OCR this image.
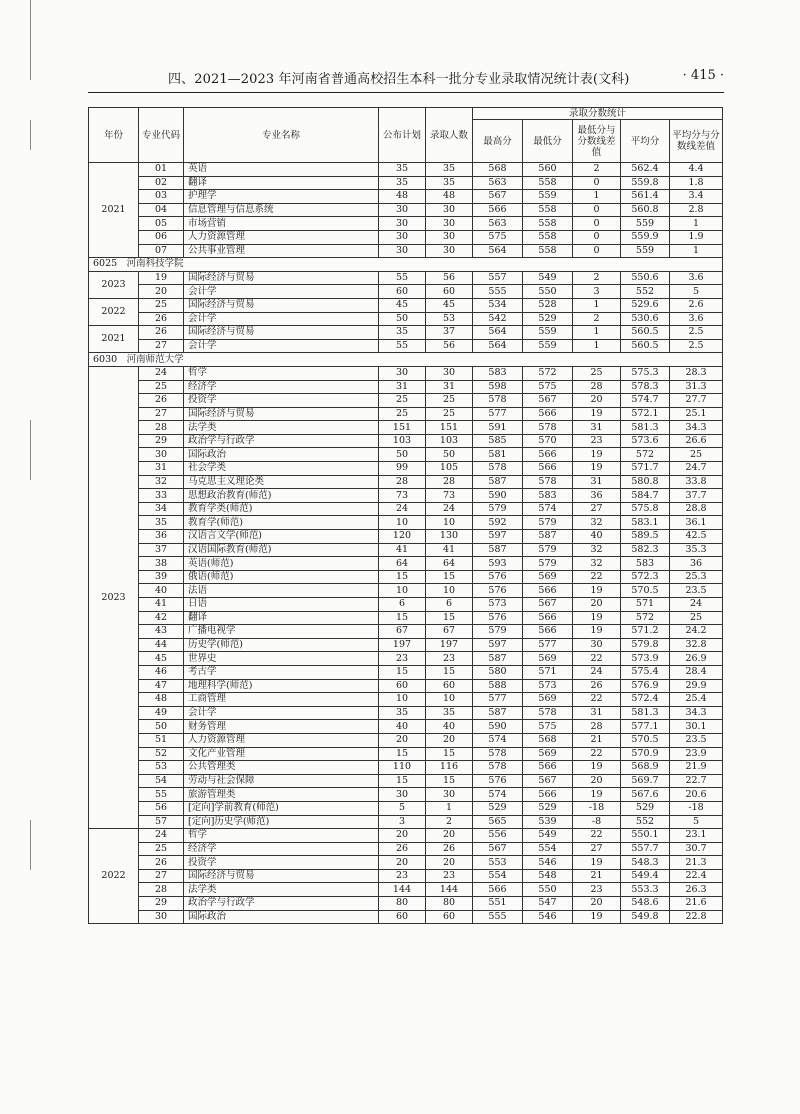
四、2021—2023 年河南省普通高校招生本科一批分专业录取情况统计表(文科)	· 415 ·
年份	专业代码	专业名称	公布计划	录取人数	录取分数统计				
					最高分	最低分	最低分与分数线差值	平均分	平均分与分数线差值
2021	01	英语	35	35	568	560	2	562.4	4.4
	02	翻译	35	35	563	558	0	559.8	1.8
	03	护理学	48	48	567	559	1	561.4	3.4
	04	信息管理与信息系统	30	30	566	558	0	560.8	2.8
	05	市场营销	30	30	563	558	0	559	1
	06	人力资源管理	30	30	575	558	0	559.9	1.9
	07	公共事业管理	30	30	564	558	0	559	1
6025　河南科技学院									
2023	19	国际经济与贸易	55	56	557	549	2	550.6	3.6
	20	会计学	60	60	555	550	3	552	5
2022	25	国际经济与贸易	45	45	534	528	1	529.6	2.6
	26	会计学	50	53	542	529	2	530.6	3.6
2021	26	国际经济与贸易	35	37	564	559	1	560.5	2.5
	27	会计学	55	56	564	559	1	560.5	2.5
6030　河南师范大学									
2023	24	哲学	30	30	583	572	25	575.3	28.3
	25	经济学	31	31	598	575	28	578.3	31.3
	26	投资学	25	25	578	567	20	574.7	27.7
	27	国际经济与贸易	25	25	577	566	19	572.1	25.1
	28	法学类	151	151	591	578	31	581.3	34.3
	29	政治学与行政学	103	103	585	570	23	573.6	26.6
	30	国际政治	50	50	581	566	19	572	25
	31	社会学类	99	105	578	566	19	571.7	24.7
	32	马克思主义理论类	28	28	587	578	31	580.8	33.8
	33	思想政治教育(师范)	73	73	590	583	36	584.7	37.7
	34	教育学类(师范)	24	24	579	574	27	575.8	28.8
	35	教育学(师范)	10	10	592	579	32	583.1	36.1
	36	汉语言文学(师范)	120	130	597	587	40	589.5	42.5
	37	汉语国际教育(师范)	41	41	587	579	32	582.3	35.3
	38	英语(师范)	64	64	593	579	32	583	36
	39	俄语(师范)	15	15	576	569	22	572.3	25.3
	40	法语	10	10	576	566	19	570.5	23.5
	41	日语	6	6	573	567	20	571	24
	42	翻译	15	15	576	566	19	572	25
	43	广播电视学	67	67	579	566	19	571.2	24.2
	44	历史学(师范)	197	197	597	577	30	579.8	32.8
	45	世界史	23	23	587	569	22	573.9	26.9
	46	考古学	15	15	580	571	24	575.4	28.4
	47	地理科学(师范)	60	60	588	573	26	576.9	29.9
	48	工商管理	10	10	577	569	22	572.4	25.4
	49	会计学	35	35	587	578	31	581.3	34.3
	50	财务管理	40	40	590	575	28	577.1	30.1
	51	人力资源管理	20	20	574	568	21	570.5	23.5
	52	文化产业管理	15	15	578	569	22	570.9	23.9
	53	公共管理类	110	116	578	566	19	568.9	21.9
	54	劳动与社会保障	15	15	576	567	20	569.7	22.7
	55	旅游管理类	30	30	574	566	19	567.6	20.6
	56	[定向]学前教育(师范)	5	1	529	529	-18	529	-18
	57	[定向]历史学(师范)	3	2	565	539	-8	552	5
2022	24	哲学	20	20	556	549	22	550.1	23.1
	25	经济学	26	26	567	554	27	557.7	30.7
	26	投资学	20	20	553	546	19	548.3	21.3
	27	国际经济与贸易	23	23	554	548	21	549.4	22.4
	28	法学类	144	144	566	550	23	553.3	26.3
	29	政治学与行政学	80	80	551	547	20	548.6	21.6
	30	国际政治	60	60	555	546	19	549.8	22.8
